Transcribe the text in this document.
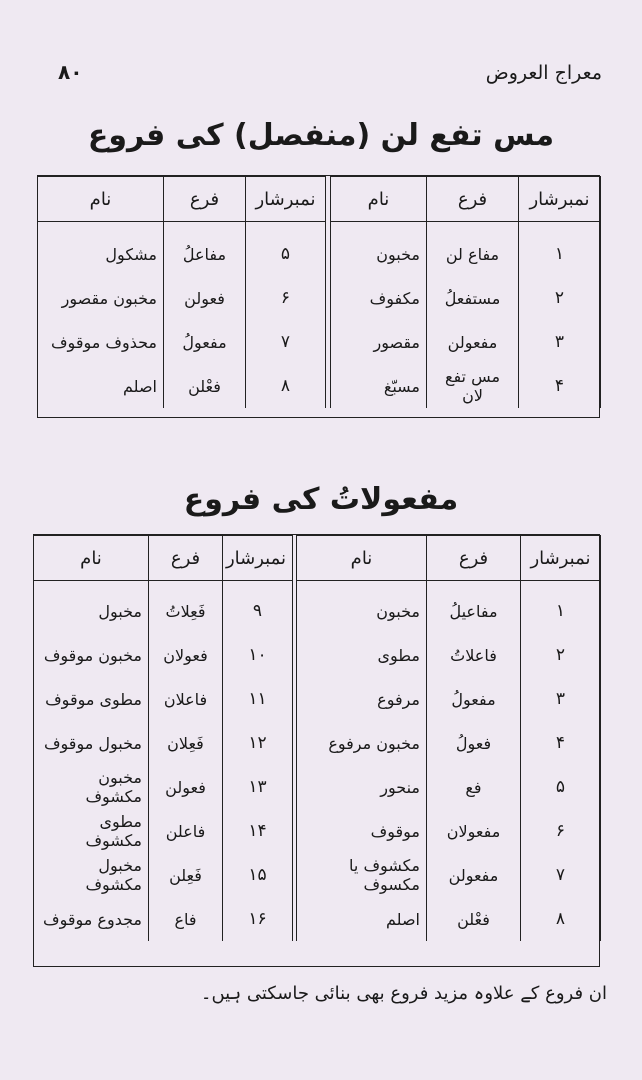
۸۰	معراج العروض
مس تفع لن (منفصل) کی فروع
نمبرشار	فرع	نام
۱	مفاع لن	مخبون
۲	مستفعلُ	مکفوف
۳	مفعولن	مقصور
۴	مس تفع لان	مسبّغ
نمبرشار	فرع	نام
۵	مفاعلُ	مشکول
۶	فعولن	مخبون مقصور
۷	مفعولُ	محذوف موقوف
۸	فعْلن	اصلم
مفعولاتُ کی فروع
نمبرشار	فرع	نام
۱	مفاعیلُ	مخبون
۲	فاعلاتُ	مطوی
۳	مفعولُ	مرفوع
۴	فعولُ	مخبون مرفوع
۵	فع	منحور
۶	مفعولان	موقوف
۷	مفعولن	مکشوف یا مکسوف
۸	فعْلن	اصلم
نمبرشار	فرع	نام
۹	فَعِلاتُ	مخبول
۱۰	فعولان	مخبون موقوف
۱۱	فاعلان	مطوی موقوف
۱۲	فَعِلان	مخبول موقوف
۱۳	فعولن	مخبون مکشوف
۱۴	فاعلن	مطوی مکشوف
۱۵	فَعِلن	مخبول مکشوف
۱۶	فاع	مجدوع موقوف
ان فروع کے علاوہ مزید فروع بھی بنائی جاسکتی ہیں۔
